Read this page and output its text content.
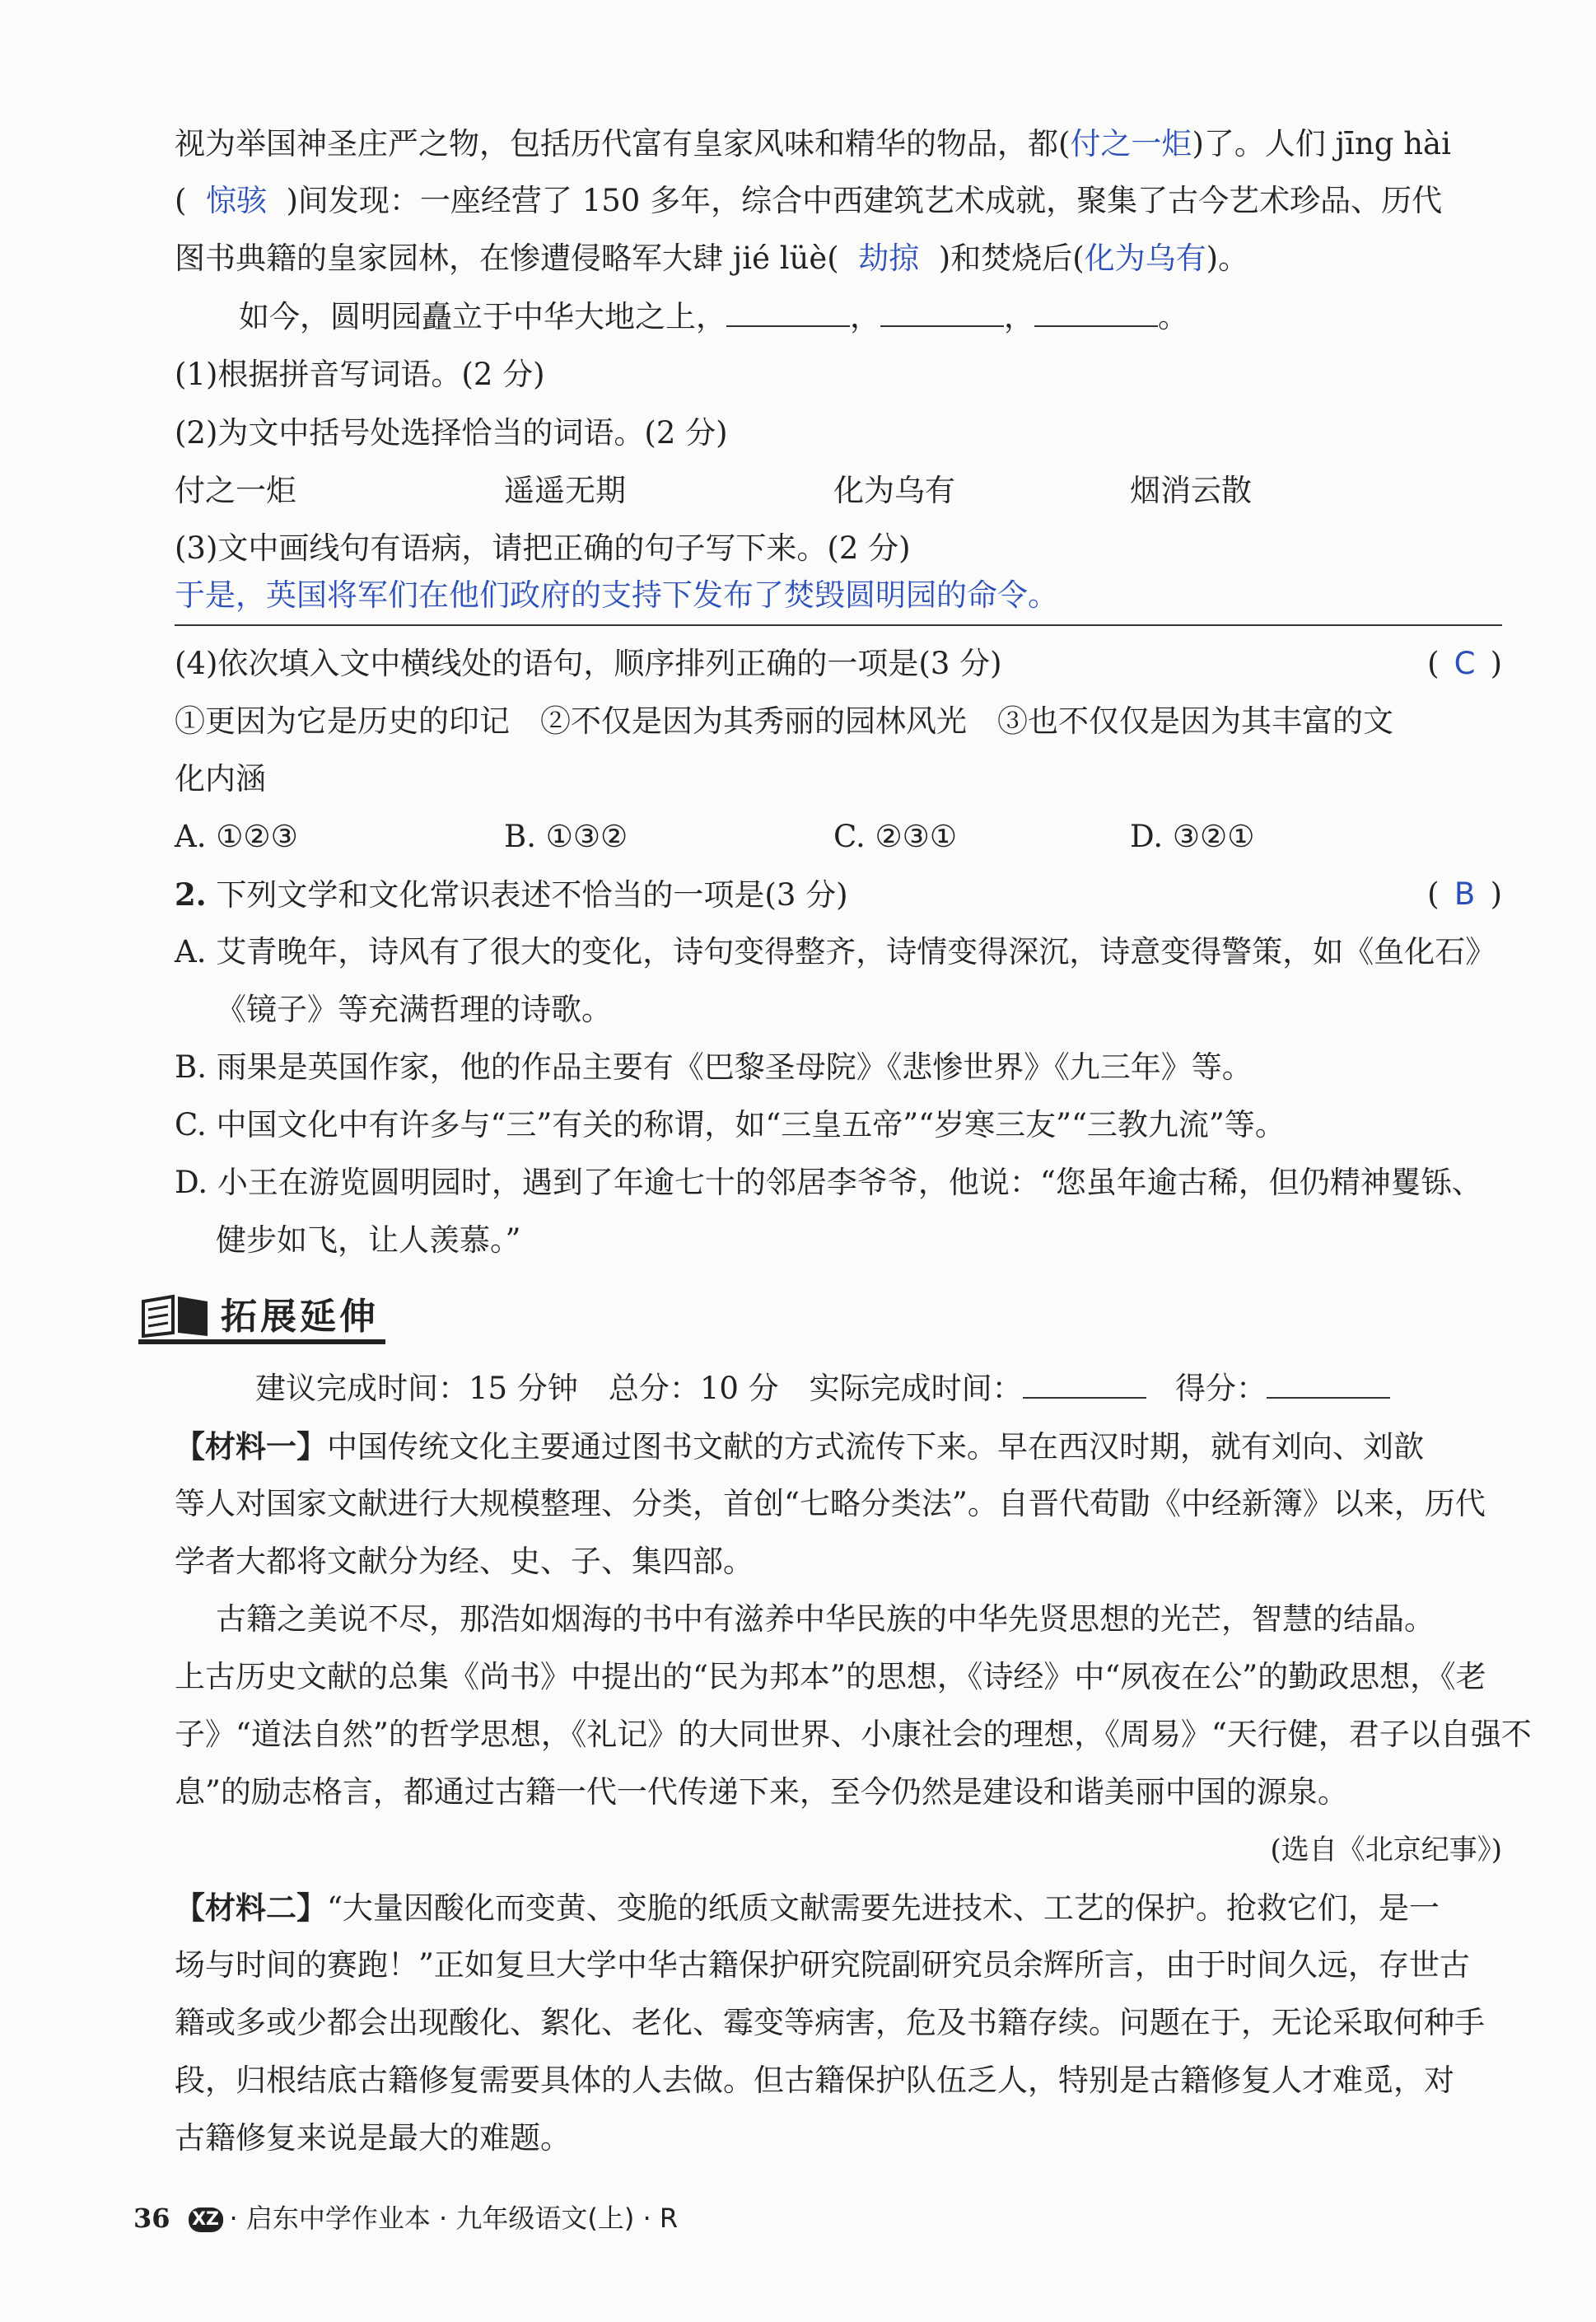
视为举国神圣庄严之物，包括历代富有皇家风味和精华的物品，都(付之一炬)了。人们 jīng hài
( 惊骇 )间发现：一座经营了 150 多年，综合中西建筑艺术成就，聚集了古今艺术珍品、历代
图书典籍的皇家园林，在惨遭侵略军大肆 jié lüè( 劫掠 )和焚烧后(化为乌有)。
如今，圆明园矗立于中华大地之上，	，	，	。
(1)根据拼音写词语。(2 分)
(2)为文中括号处选择恰当的词语。(2 分)
付之一炬	遥遥无期	化为乌有	烟消云散
(3)文中画线句有语病，请把正确的句子写下来。(2 分)
于是，英国将军们在他们政府的支持下发布了焚毁圆明园的命令。
(4)依次填入文中横线处的语句，顺序排列正确的一项是(3 分)	( C )
①更因为它是历史的印记　②不仅是因为其秀丽的园林风光　③也不仅仅是因为其丰富的文
化内涵
A. ①②③	B. ①③②	C. ②③①	D. ③②①
2. 下列文学和文化常识表述不恰当的一项是(3 分)	( B )
A. 艾青晚年，诗风有了很大的变化，诗句变得整齐，诗情变得深沉，诗意变得警策，如《鱼化石》
《镜子》等充满哲理的诗歌。
B. 雨果是英国作家，他的作品主要有《巴黎圣母院》《悲惨世界》《九三年》等。
C. 中国文化中有许多与“三”有关的称谓，如“三皇五帝”“岁寒三友”“三教九流”等。
D. 小王在游览圆明园时，遇到了年逾七十的邻居李爷爷，他说：“您虽年逾古稀，但仍精神矍铄、
健步如飞，让人羡慕。”
拓展延伸
建议完成时间：15 分钟　总分：10 分　实际完成时间：	得分：
【材料一】中国传统文化主要通过图书文献的方式流传下来。早在西汉时期，就有刘向、刘歆
等人对国家文献进行大规模整理、分类，首创“七略分类法”。自晋代荀勖《中经新簿》以来，历代
学者大都将文献分为经、史、子、集四部。
古籍之美说不尽，那浩如烟海的书中有滋养中华民族的中华先贤思想的光芒，智慧的结晶。
上古历史文献的总集《尚书》中提出的“民为邦本”的思想，《诗经》中“夙夜在公”的勤政思想，《老
子》“道法自然”的哲学思想，《礼记》的大同世界、小康社会的理想，《周易》“天行健，君子以自强不
息”的励志格言，都通过古籍一代一代传递下来，至今仍然是建设和谐美丽中国的源泉。
(选自《北京纪事》)
【材料二】“大量因酸化而变黄、变脆的纸质文献需要先进技术、工艺的保护。抢救它们，是一
场与时间的赛跑！”正如复旦大学中华古籍保护研究院副研究员余辉所言，由于时间久远，存世古
籍或多或少都会出现酸化、絮化、老化、霉变等病害，危及书籍存续。问题在于，无论采取何种手
段，归根结底古籍修复需要具体的人去做。但古籍保护队伍乏人，特别是古籍修复人才难觅，对
古籍修复来说是最大的难题。
36 XZ · 启东中学作业本 · 九年级语文(上) · R
